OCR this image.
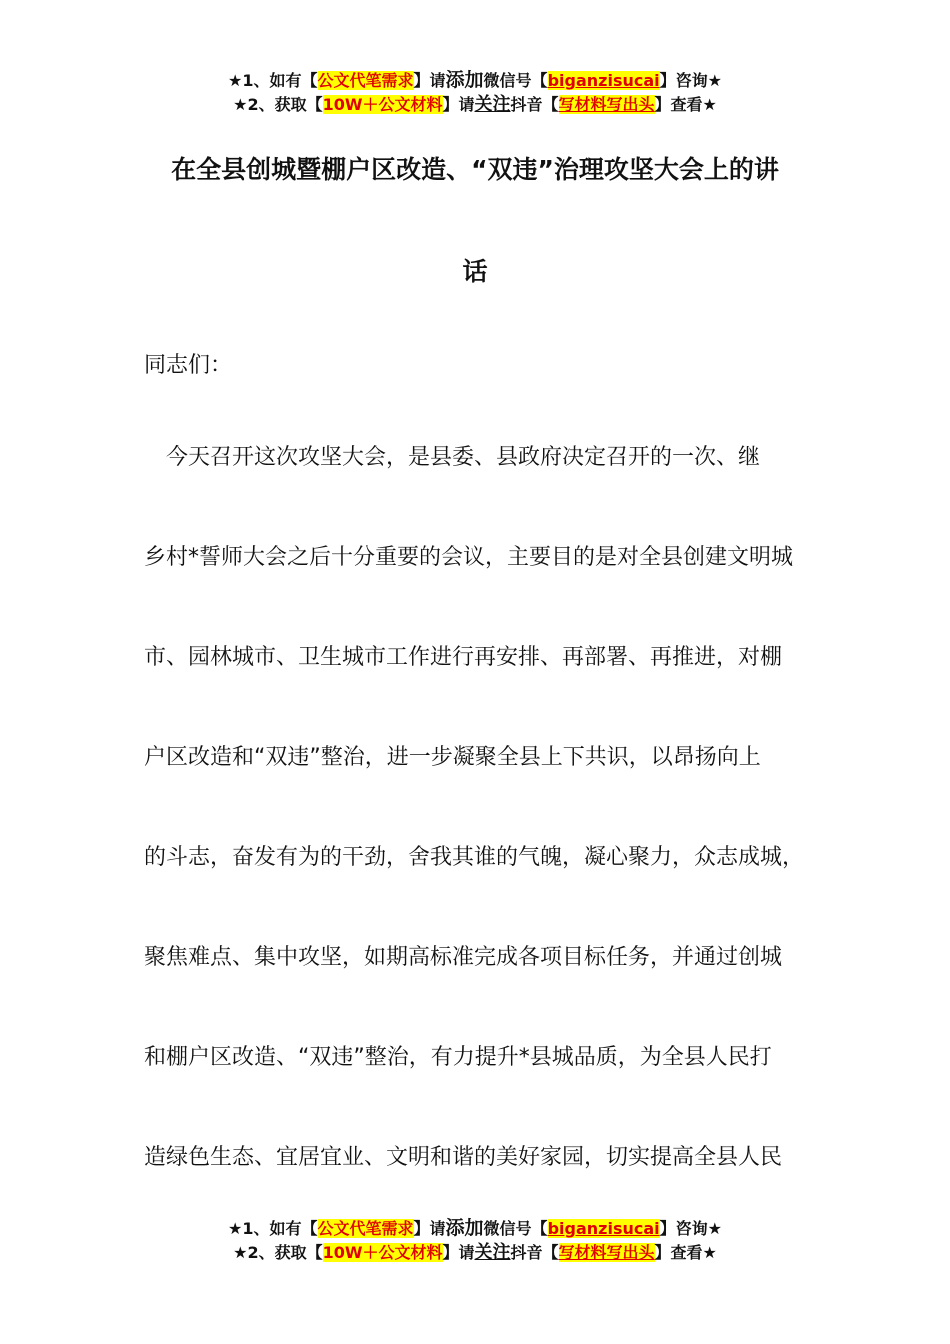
★1、如有【公文代笔需求】请添加微信号【biganzisucai】咨询★
★2、获取【10W＋公文材料】请关注抖音【写材料写出头】查看★
在全县创城暨棚户区改造、“双违”治理攻坚大会上的讲
话
同志们：
　今天召开这次攻坚大会，是县委、县政府决定召开的一次、继
乡村*誓师大会之后十分重要的会议，主要目的是对全县创建文明城
市、园林城市、卫生城市工作进行再安排、再部署、再推进，对棚
户区改造和“双违”整治，进一步凝聚全县上下共识，以昂扬向上
的斗志，奋发有为的干劲，舍我其谁的气魄，凝心聚力，众志成城，
聚焦难点、集中攻坚，如期高标准完成各项目标任务，并通过创城
和棚户区改造、“双违”整治，有力提升*县城品质，为全县人民打
造绿色生态、宜居宜业、文明和谐的美好家园，切实提高全县人民
★1、如有【公文代笔需求】请添加微信号【biganzisucai】咨询★
★2、获取【10W＋公文材料】请关注抖音【写材料写出头】查看★
